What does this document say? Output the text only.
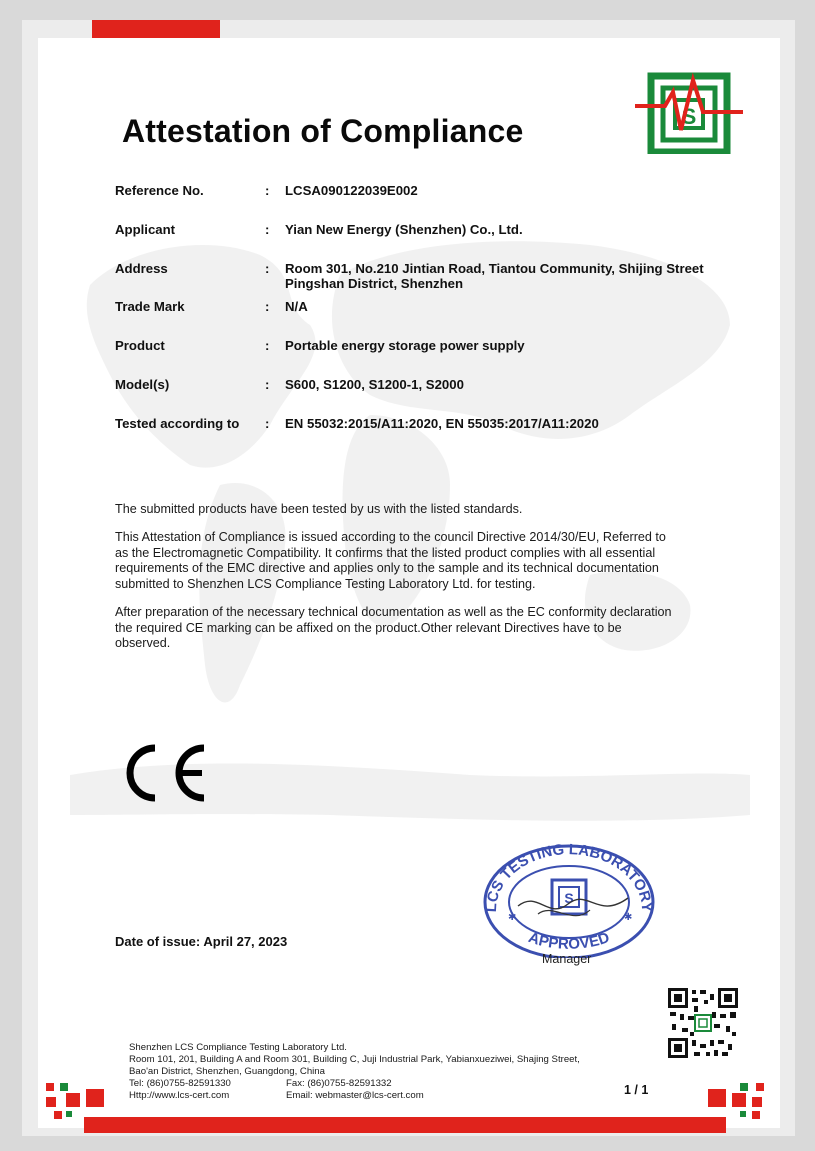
Attestation of Compliance	S
Reference No.	: LCSA090122039E002
Applicant	: Yian New Energy (Shenzhen) Co., Ltd.
Address	: Room 301, No.210 Jintian Road, Tiantou Community, Shijing Street
Pingshan District, Shenzhen
Trade Mark	: N/A
Product	: Portable energy storage power supply
Model(s)	: S600, S1200, S1200-1, S2000
Tested according to : EN 55032:2015/A11:2020, EN 55035:2017/A11:2020
The submitted products have been tested by us with the listed standards.
This Attestation of Compliance is issued according to the council Directive 2014/30/EU, Referred to
as the Electromagnetic Compatibility. It confirms that the listed product complies with all essential
requirements of the EMC directive and applies only to the sample and its technical documentation
submitted to Shenzhen LCS Compliance Testing Laboratory Ltd. for testing.
After preparation of the necessary technical documentation as well as the EC conformity declaration
the required CE marking can be affixed on the product.Other relevant Directives have to be
observed.
Date of issue: April 27, 2023
LCS TESTING LABORATORY
APPROVED
S
✱	✱
Manager
Shenzhen LCS Compliance Testing Laboratory Ltd.
Room 101, 201, Building A and Room 301, Building C, Juji Industrial Park, Yabianxueziwei, Shajing Street,
Bao'an District, Shenzhen, Guangdong, China
Tel: (86)0755-82591330	Fax: (86)0755-82591332
Http://www.lcs-cert.com	Email: webmaster@lcs-cert.com	1 / 1
